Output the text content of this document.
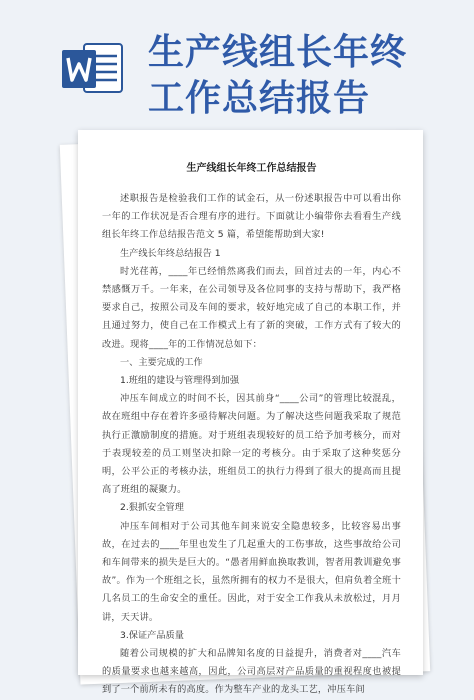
生产线组长年终工作总结报告
生产线组长年终工作总结报告

述职报告是检验我们工作的试金石，从一份述职报告中可以看出你一年的工作状况是否合理有序的进行。下面就让小编带你去看看生产线组长年终工作总结报告范文 5 篇，希望能帮助到大家!

生产线长年终总结报告 1

时光荏苒，____年已经悄然离我们而去，回首过去的一年，内心不禁感慨万千。一年来，在公司领导及各位同事的支持与帮助下，我严格要求自己，按照公司及车间的要求，较好地完成了自己的本职工作，并且通过努力，使自己在工作模式上有了新的突破，工作方式有了较大的改进。现将____年的工作情况总如下：

一、主要完成的工作

1.班组的建设与管理得到加强

冲压车间成立的时间不长，因其前身“____公司”的管理比较混乱，故在班组中存在着许多亟待解决问题。为了解决这些问题我采取了规范执行正激励制度的措施。对于班组表现较好的员工给予加考核分，而对于表现较差的员工则坚决扣除一定的考核分。由于采取了这种奖惩分明，公平公正的考核办法，班组员工的执行力得到了很大的提高而且提高了班组的凝聚力。

2.狠抓安全管理

冲压车间相对于公司其他车间来说安全隐患较多，比较容易出事故，在过去的____年里也发生了几起重大的工伤事故，这些事故给公司和车间带来的损失是巨大的。“愚者用鲜血换取教训，智者用教训避免事故”。作为一个班组之长，虽然所拥有的权力不是很大，但肩负着全班十几名员工的生命安全的重任。因此，对于安全工作我从未放松过，月月讲，天天讲。

3.保证产品质量

随着公司规模的扩大和品牌知名度的日益提升，消费者对____汽车的质量要求也越来越高，因此，公司高层对产品质量的重视程度也被提到了一个前所未有的高度。作为整车产业的龙头工艺，冲压车间
